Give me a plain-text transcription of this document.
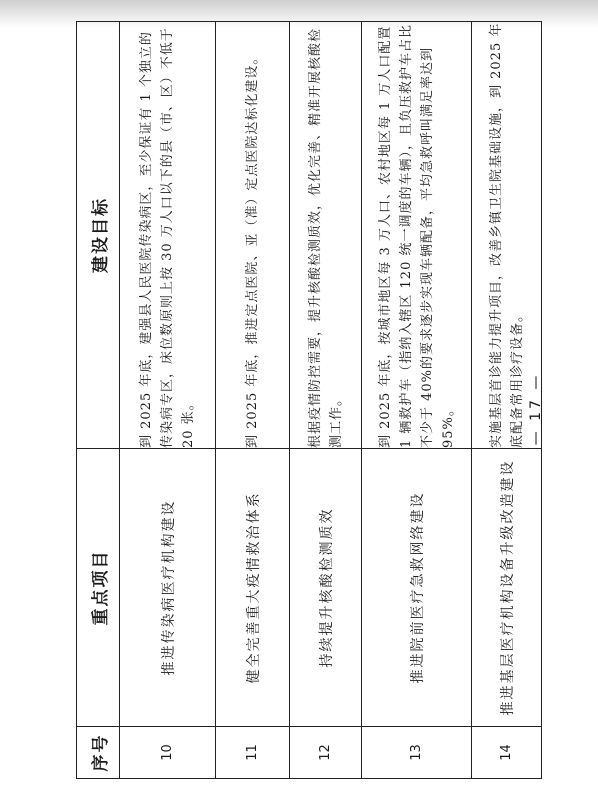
序号	重点项目	建设目标
10	推进传染病医疗机构建设	到 2025 年底，建强县人民医院传染病区，至少保证有 1 个独立的传染病专区，床位数原则上按 30 万人口以下的县（市、区）不低于 20 张。
11	健全完善重大疫情救治体系	到 2025 年底，推进定点医院、亚（准）定点医院达标化建设。
12	持续提升核酸检测质效	根据疫情防控需要，提升核酸检测质效，优化完善、精准开展核酸检测工作。
13	推进院前医疗急救网络建设	到 2025 年底，按城市地区每 3 万人口、农村地区每 1 万人口配置 1 辆救护车（指纳入辖区 120 统一调度的车辆），且负压救护车占比不少于 40%的要求逐步实现车辆配备，平均急救呼叫满足率达到 95%。
14	推进基层医疗机构设备升级改造建设	实施基层首诊能力提升项目，改善乡镇卫生院基础设施，到 2025 年底配备常用诊疗设备。 — 17 —
